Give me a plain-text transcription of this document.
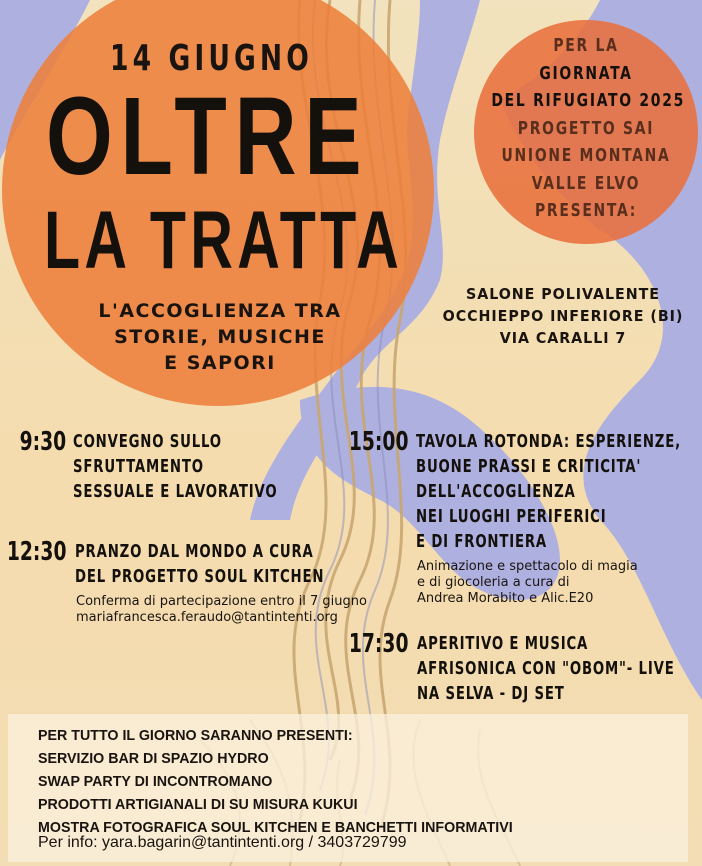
14 GIUGNO
OLTRE
LA TRATTA
L'ACCOGLIENZA TRA
STORIE, MUSICHE
E SAPORI
PER LA
GIORNATA
DEL RIFUGIATO 2025
PROGETTO SAI
UNIONE MONTANA
VALLE ELVO
PRESENTA:
SALONE POLIVALENTE
OCCHIEPPO INFERIORE (BI)
VIA CARALLI 7
9:30 CONVEGNO SULLO
SFRUTTAMENTO
SESSUALE E LAVORATIVO
12:30 PRANZO DAL MONDO A CURA
DEL PROGETTO SOUL KITCHEN
Conferma di partecipazione entro il 7 giugno
mariafrancesca.feraudo@tantintenti.org
15:00 TAVOLA ROTONDA: ESPERIENZE,
BUONE PRASSI E CRITICITA'
DELL'ACCOGLIENZA
NEI LUOGHI PERIFERICI
E DI FRONTIERA
Animazione e spettacolo di magia
e di giocoleria a cura di
Andrea Morabito e Alic.E20
17:30 APERITIVO E MUSICA
AFRISONICA CON "OBOM"- LIVE
NA SELVA - DJ SET
PER TUTTO IL GIORNO SARANNO PRESENTI:
SERVIZIO BAR DI SPAZIO HYDRO
SWAP PARTY DI INCONTROMANO
PRODOTTI ARTIGIANALI DI SU MISURA KUKUI
MOSTRA FOTOGRAFICA SOUL KITCHEN E BANCHETTI INFORMATIVI
Per info: yara.bagarin@tantintenti.org / 3403729799
